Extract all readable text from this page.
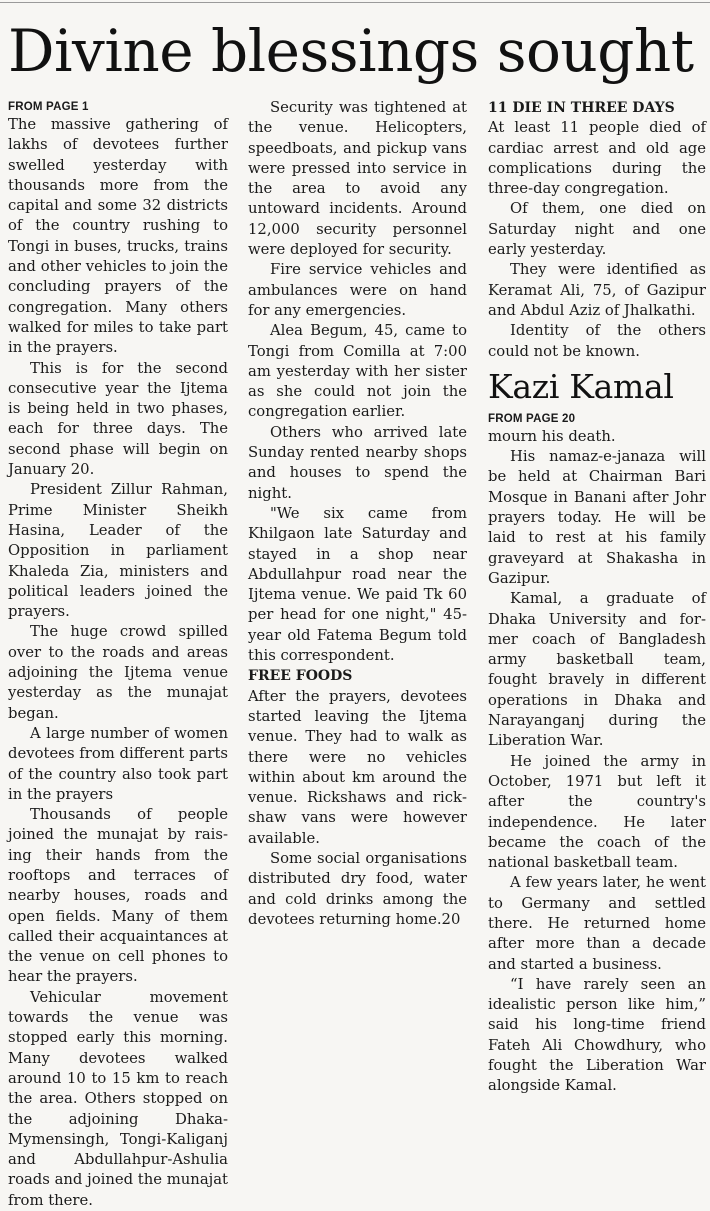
Divine blessings sought
FROM PAGE 1

The massive gathering of lakhs of devotees further swelled yesterday with thousands more from the capital and some 32 districts of the country rushing to Tongi in buses, trucks, trains and other vehicles to join the concluding prayers of the congregation. Many others walked for miles to take part in the prayers.

This is for the second consecutive year the Ijtema is being held in two phases, each for three days. The second phase will begin on January 20.

President Zillur Rahman, Prime Minister Sheikh Hasina, Leader of the Opposition in parliament Khaleda Zia, ministers and political leaders joined the prayers.

The huge crowd spilled over to the roads and areas adjoining the Ijtema venue yesterday as the munajat began.

A large number of women devotees from different parts of the country also took part in the prayers

Thousands of people joined the munajat by raising their hands from the rooftops and terraces of nearby houses, roads and open fields. Many of them called their acquaintances at the venue on cell phones to hear the prayers.

Vehicular movement towards the venue was stopped early this morning. Many devotees walked around 10 to 15 km to reach the area. Others stopped on the adjoining Dhaka-Mymensingh, Tongi-Kaliganj and Abdullahpur-Ashulia roads and joined the munajat from there.

Security was tightened at the venue. Helicopters, speedboats, and pickup vans were pressed into service in the area to avoid any untoward incidents. Around 12,000 security personnel were deployed for security.

Fire service vehicles and ambulances were on hand for any emergencies.

Alea Begum, 45, came to Tongi from Comilla at 7:00 am yesterday with her sister as she could not join the congregation earlier.

Others who arrived late Sunday rented nearby shops and houses to spend the night.

"We six came from Khilgaon late Saturday and stayed in a shop near Abdullahpur road near the Ijtema venue. We paid Tk 60 per head for one night," 45-year old Fatema Begum told this correspondent.

FREE FOODS

After the prayers, devotees started leaving the Ijtema venue. They had to walk as there were no vehicles within about km around the venue. Rickshaws and rickshaw vans were however available.

Some social organisations distributed dry food, water and cold drinks among the devotees returning home.20

11 DIE IN THREE DAYS

At least 11 people died of cardiac arrest and old age complications during the three-day congregation.

Of them, one died on Saturday night and one early yesterday.

They were identified as Keramat Ali, 75, of Gazipur and Abdul Aziz of Jhalkathi.

Identity of the others could not be known.

Kazi Kamal
FROM PAGE 20

mourn his death.

His namaz-e-janaza will be held at Chairman Bari Mosque in Banani after Johr prayers today. He will be laid to rest at his family graveyard at Shakasha in Gazipur.

Kamal, a graduate of Dhaka University and former coach of Bangladesh army basketball team, fought bravely in different operations in Dhaka and Narayanganj during the Liberation War.

He joined the army in October, 1971 but left it after the country's independence. He later became the coach of the national basketball team.

A few years later, he went to Germany and settled there. He returned home after more than a decade and started a business.

“I have rarely seen an idealistic person like him,” said his long-time friend Fateh Ali Chowdhury, who fought the Liberation War alongside Kamal.
